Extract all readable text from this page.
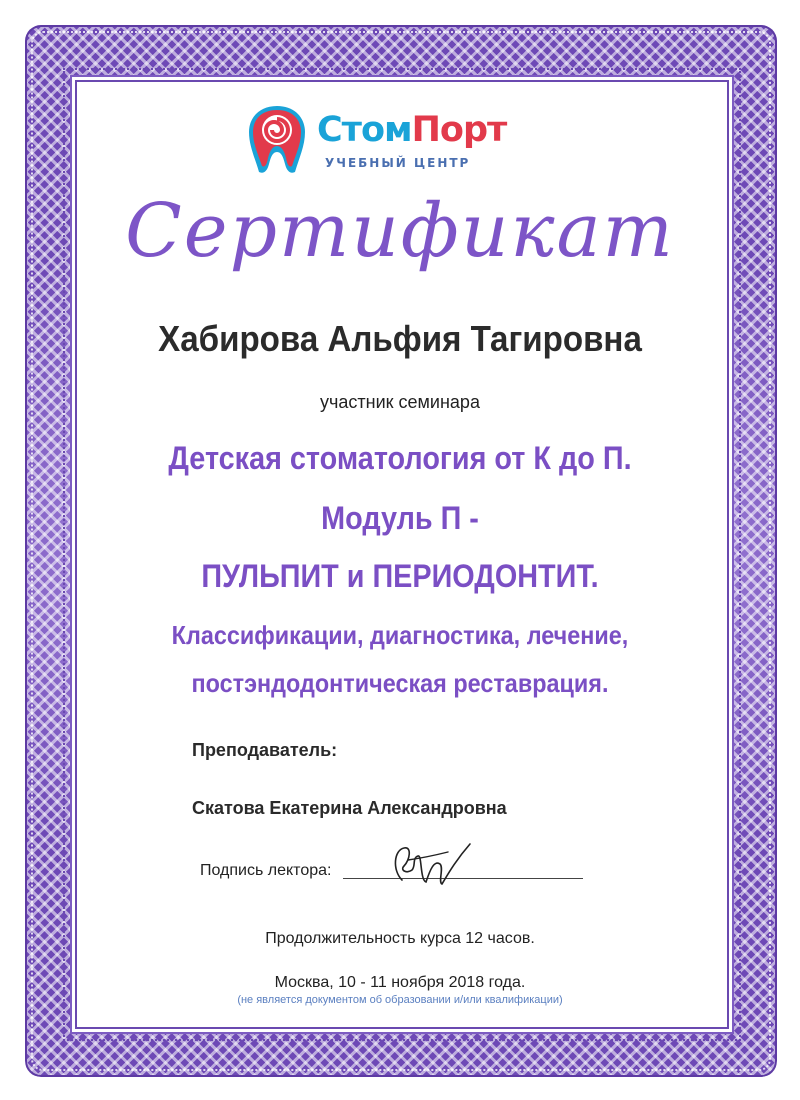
СтомПорт
УЧЕБНЫЙ ЦЕНТР
Сертификат
Хабирова Альфия Тагировна
участник семинара
Детская стоматология от К до П.
Модуль П -
ПУЛЬПИТ и ПЕРИОДОНТИТ.
Классификации, диагностика, лечение,
постэндодонтическая реставрация.
Преподаватель:
Скатова Екатерина Александровна
Подпись лектора:
Продолжительность курса 12 часов.
Москва, 10 - 11 ноября 2018 года.
(не является документом об образовании и/или квалификации)
